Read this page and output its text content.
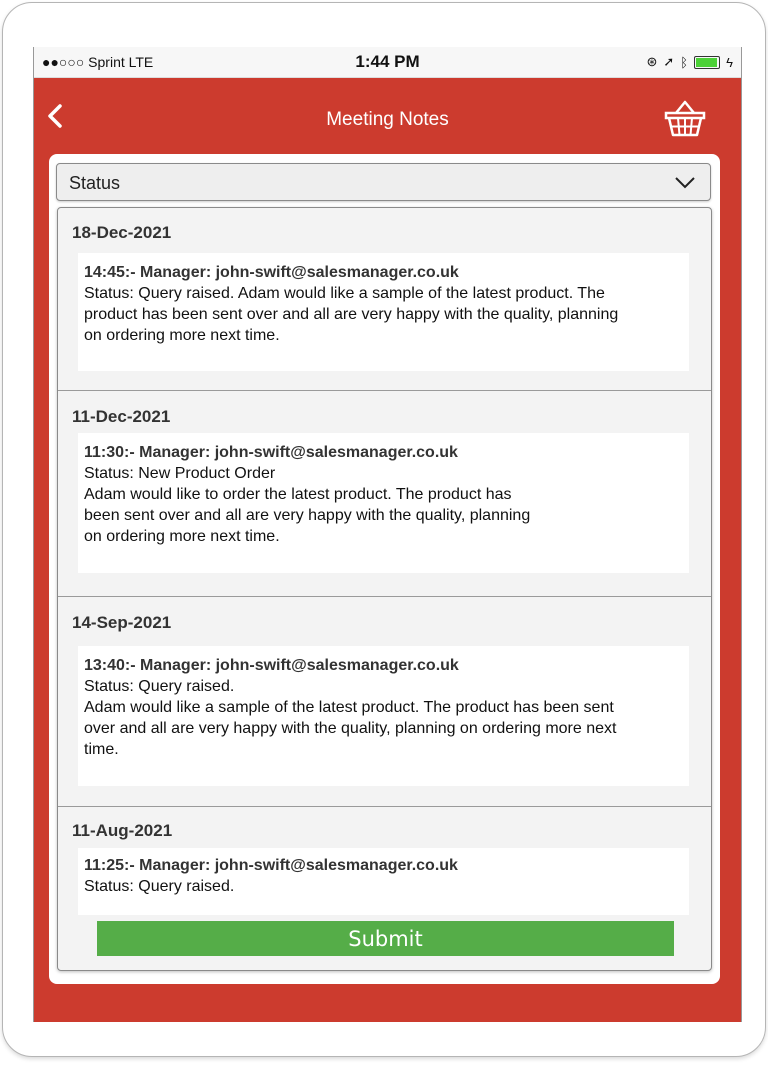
●●○○○ Sprint LTE	1:44 PM	⊛ ➚ ᛒ	ϟ
Meeting Notes
Status
18-Dec-2021
14:45:- Manager: john-swift@salesmanager.co.uk
Status: Query raised. Adam would like a sample of the latest product. The
product has been sent over and all are very happy with the quality, planning
on ordering more next time.
11-Dec-2021
11:30:- Manager: john-swift@salesmanager.co.uk
Status: New Product Order
Adam would like to order the latest product. The product has
been sent over and all are very happy with the quality, planning
on ordering more next time.
14-Sep-2021
13:40:- Manager: john-swift@salesmanager.co.uk
Status: Query raised.
Adam would like a sample of the latest product. The product has been sent
over and all are very happy with the quality, planning on ordering more next
time.
11-Aug-2021
11:25:- Manager: john-swift@salesmanager.co.uk
Status: Query raised.
Submit
